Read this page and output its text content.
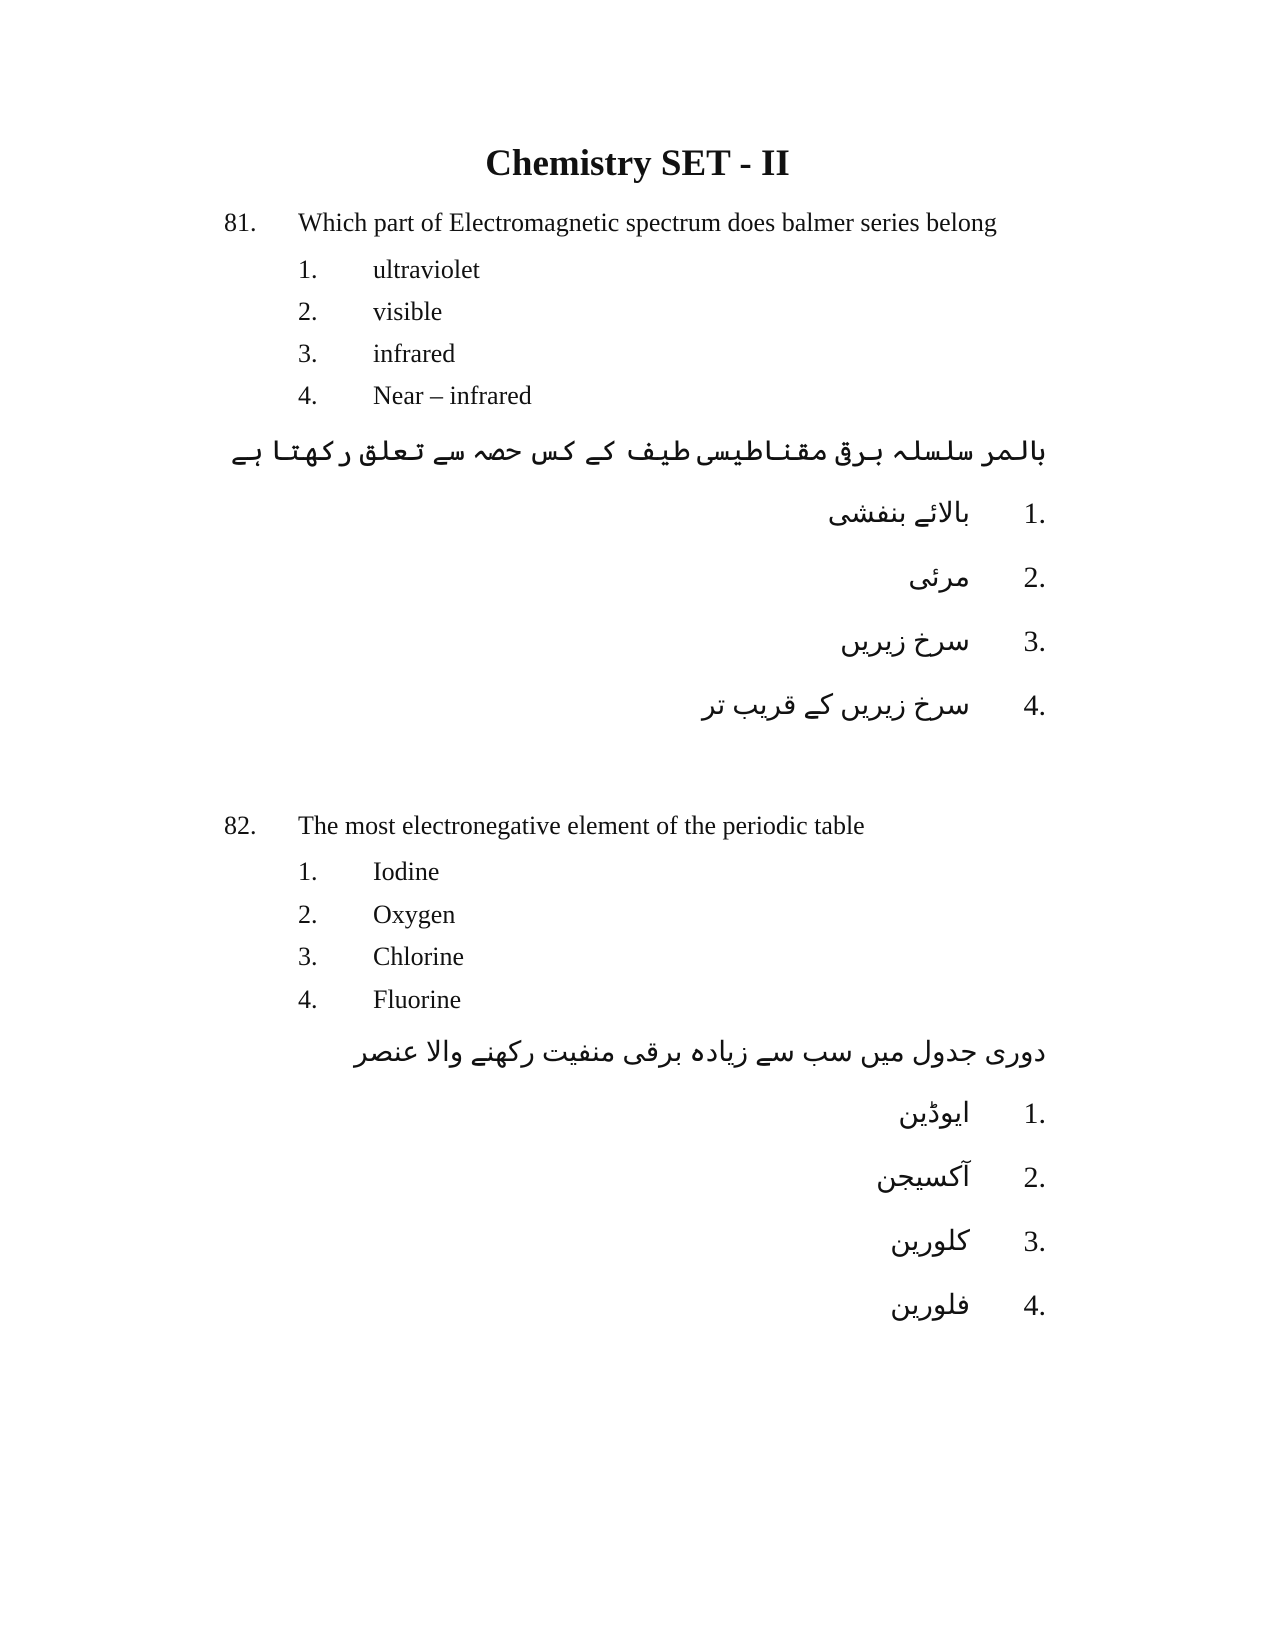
Chemistry SET - II
81. Which part of Electromagnetic spectrum does balmer series belong
1. ultraviolet
2. visible
3. infrared
4. Near – infrared
بالمر سلسلہ برقی مقناطیسی طیف کے کس حصہ سے تعلق رکھتا ہے
1.
بالائے بنفشی
2.
مرئی
3.
سرخ زیریں
4.
سرخ زیریں کے قریب تر
82. The most electronegative element of the periodic table
1. Iodine
2. Oxygen
3. Chlorine
4. Fluorine
دوری جدول میں سب سے زیادہ برقی منفیت رکھنے والا عنصر
1.
ایوڈین
2.
آکسیجن
3.
کلورین
4.
فلورین
